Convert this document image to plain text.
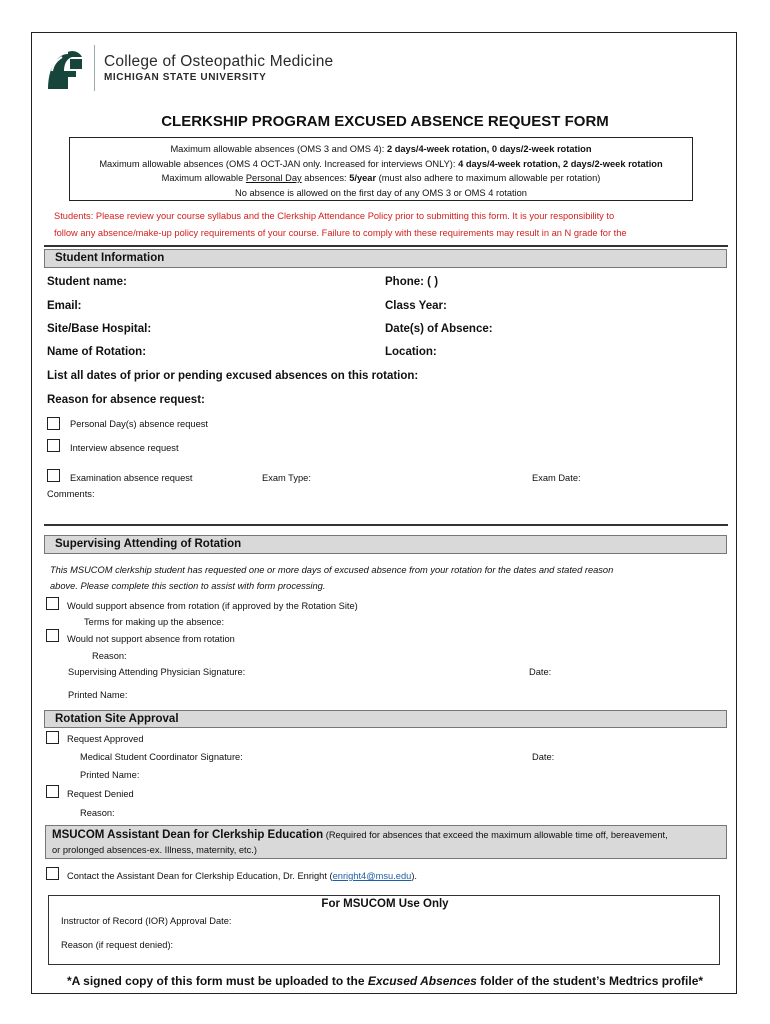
College of Osteopathic Medicine
MICHIGAN STATE UNIVERSITY
CLERKSHIP PROGRAM EXCUSED ABSENCE REQUEST FORM
Maximum allowable absences (OMS 3 and OMS 4): 2 days/4-week rotation, 0 days/2-week rotation
Maximum allowable absences (OMS 4 OCT-JAN only. Increased for interviews ONLY): 4 days/4-week rotation, 2 days/2-week rotation
Maximum allowable Personal Day absences: 5/year (must also adhere to maximum allowable per rotation)
No absence is allowed on the first day of any OMS 3 or OMS 4 rotation
Students: Please review your course syllabus and the Clerkship Attendance Policy prior to submitting this form. It is your responsibility to
follow any absence/make-up policy requirements of your course. Failure to comply with these requirements may result in an N grade for the
Student Information
Student name:	Phone: ( )
Email:	Class Year:
Site/Base Hospital:	Date(s) of Absence:
Name of Rotation:	Location:
List all dates of prior or pending excused absences on this rotation:
Reason for absence request:
Personal Day(s) absence request
Interview absence request
Examination absence request	Exam Type:	Exam Date:
Comments:
Supervising Attending of Rotation
This MSUCOM clerkship student has requested one or more days of excused absence from your rotation for the dates and stated reason
above. Please complete this section to assist with form processing.
Would support absence from rotation (if approved by the Rotation Site)
Terms for making up the absence:
Would not support absence from rotation
Reason:
Supervising Attending Physician Signature:	Date:
Printed Name:
Rotation Site Approval
Request Approved
Medical Student Coordinator Signature:	Date:
Printed Name:
Request Denied
Reason:
MSUCOM Assistant Dean for Clerkship Education (Required for absences that exceed the maximum allowable time off, bereavement,
or prolonged absences-ex. Illness, maternity, etc.)
Contact the Assistant Dean for Clerkship Education, Dr. Enright (enright4@msu.edu).
For MSUCOM Use Only
Instructor of Record (IOR) Approval Date:
Reason (if request denied):
*A signed copy of this form must be uploaded to the Excused Absences folder of the student’s Medtrics profile*
